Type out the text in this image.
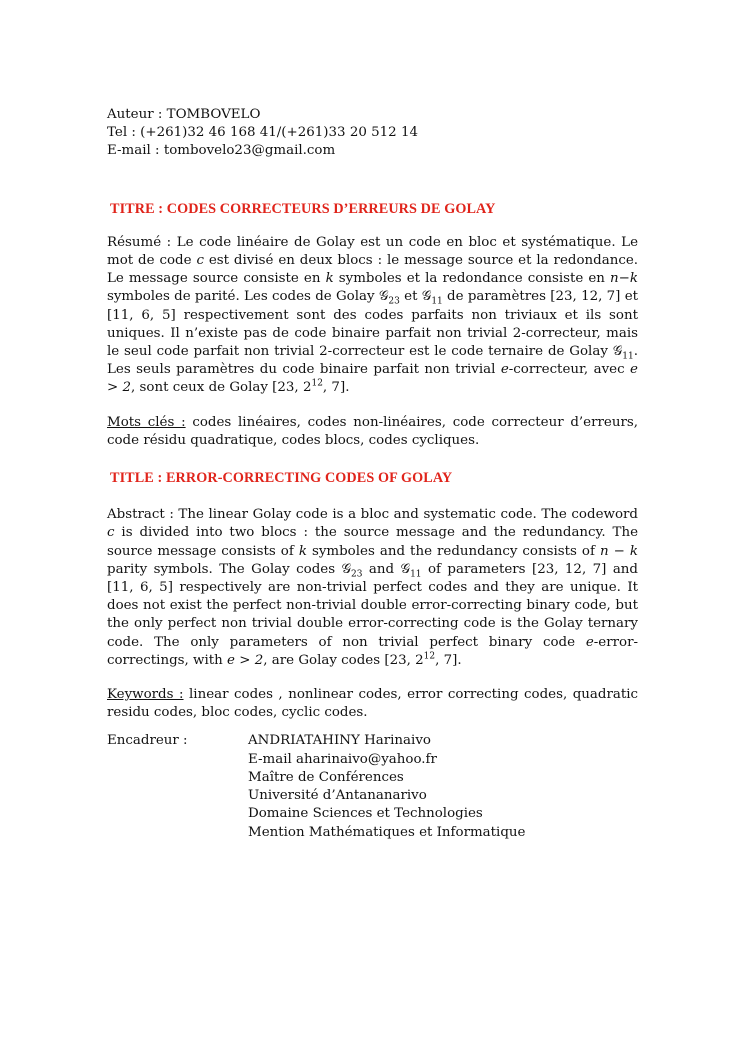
Auteur : TOMBOVELO
Tel : (+261)32 46 168 41/(+261)33 20 512 14
E-mail : tombovelo23@gmail.com
TITRE : CODES CORRECTEURS D’ERREURS DE GOLAY
Résumé : Le code linéaire de Golay est un code en bloc et systématique. Le mot de code c est divisé en deux blocs : le message source et la redondance. Le message source consiste en k symboles et la redondance consiste en n−k symboles de parité. Les codes de Golay 𝒢$_{23}$ et 𝒢$_{11}$ de paramètres [23, 12, 7] et [11, 6, 5] respectivement sont des codes parfaits non triviaux et ils sont uniques. Il n’existe pas de code binaire parfait non trivial 2-correcteur, mais le seul code parfait non trivial 2-correcteur est le code ternaire de Golay 𝒢$_{11}$. Les seuls paramètres du code binaire parfait non trivial e-correcteur, avec e > 2, sont ceux de Golay [23, $2^{12}$, 7].
Mots clés : codes linéaires, codes non-linéaires, code correcteur d’erreurs, code résidu quadratique, codes blocs, codes cycliques.
TITLE : ERROR-CORRECTING CODES OF GOLAY
Abstract : The linear Golay code is a bloc and systematic code. The codeword c is divided into two blocs : the source message and the redundancy. The source message consists of k symboles and the redundancy consists of n − k parity symbols. The Golay codes 𝒢$_{23}$ and 𝒢$_{11}$ of parameters [23, 12, 7] and [11, 6, 5] respectively are non-trivial perfect codes and they are unique. It does not exist the perfect non-trivial double error-correcting binary code, but the only perfect non trivial double error-correcting code is the Golay ternary code. The only parameters of non trivial perfect binary code e-error-correctings, with e > 2, are Golay codes [23, $2^{12}$, 7].
Keywords : linear codes , nonlinear codes, error correcting codes, quadratic residu codes, bloc codes, cyclic codes.
Encadreur :	ANDRIATAHINY Harinaivo
E-mail aharinaivo@yahoo.fr
Maître de Conférences
Université d’Antananarivo
Domaine Sciences et Technologies
Mention Mathématiques et Informatique
